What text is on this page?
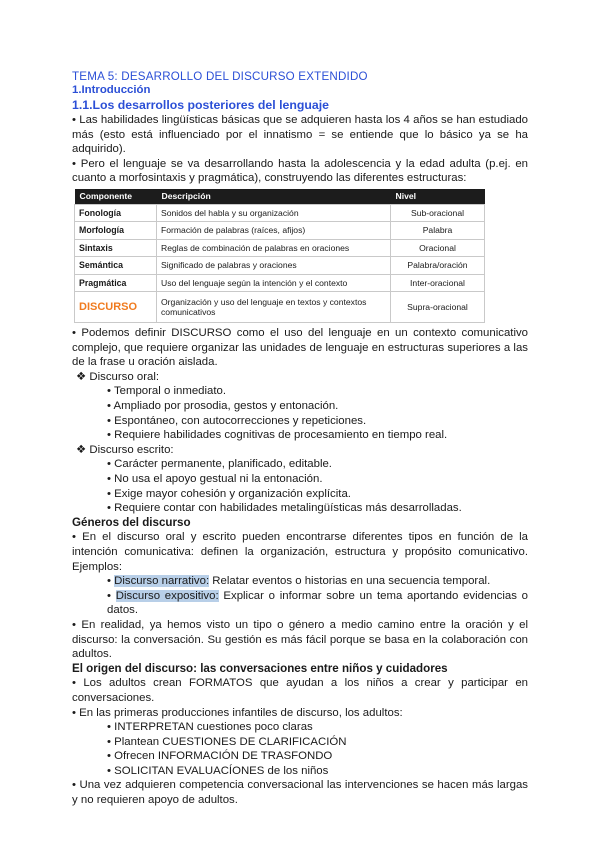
TEMA 5: DESARROLLO DEL DISCURSO EXTENDIDO
1.Introducción
1.1.Los desarrollos posteriores del lenguaje

• Las habilidades lingüísticas básicas que se adquieren hasta los 4 años se han estudiado más (esto está influenciado por el innatismo = se entiende que lo básico ya se ha adquirido).

• Pero el lenguaje se va desarrollando hasta la adolescencia y la edad adulta (p.ej. en cuanto a morfosintaxis y pragmática), construyendo las diferentes estructuras:

Componente	Descripción	Nivel
Fonología	Sonidos del habla y su organización	Sub-oracional
Morfología	Formación de palabras (raíces, afijos)	Palabra
Sintaxis	Reglas de combinación de palabras en oraciones	Oracional
Semántica	Significado de palabras y oraciones	Palabra/oración
Pragmática	Uso del lenguaje según la intención y el contexto	Inter-oracional
DISCURSO	Organización y uso del lenguaje en textos y contextos comunicativos	Supra-oracional

• Podemos definir DISCURSO como el uso del lenguaje en un contexto comunicativo complejo, que requiere organizar las unidades de lenguaje en estructuras superiores a las de la frase u oración aislada.

❖ Discurso oral:
• Temporal o inmediato.
• Ampliado por prosodia, gestos y entonación.
• Espontáneo, con autocorrecciones y repeticiones.
• Requiere habilidades cognitivas de procesamiento en tiempo real.
❖ Discurso escrito:
• Carácter permanente, planificado, editable.
• No usa el apoyo gestual ni la entonación.
• Exige mayor cohesión y organización explícita.
• Requiere contar con habilidades metalingüísticas más desarrolladas.
Géneros del discurso

• En el discurso oral y escrito pueden encontrarse diferentes tipos en función de la intención comunicativa: definen la organización, estructura y propósito comunicativo. Ejemplos:

• Discurso narrativo: Relatar eventos o historias en una secuencia temporal.
• Discurso expositivo: Explicar o informar sobre un tema aportando evidencias o datos.

• En realidad, ya hemos visto un tipo o género a medio camino entre la oración y el discurso: la conversación. Su gestión es más fácil porque se basa en la colaboración con adultos.

El origen del discurso: las conversaciones entre niños y cuidadores

• Los adultos crean FORMATOS que ayudan a los niños a crear y participar en conversaciones.

• En las primeras producciones infantiles de discurso, los adultos:

• INTERPRETAN cuestiones poco claras
• Plantean CUESTIONES DE CLARIFICACIÓN
• Ofrecen INFORMACIÓN DE TRASFONDO
• SOLICITAN EVALUACÍONES de los niños

• Una vez adquieren competencia conversacional las intervenciones se hacen más largas y no requieren apoyo de adultos.
